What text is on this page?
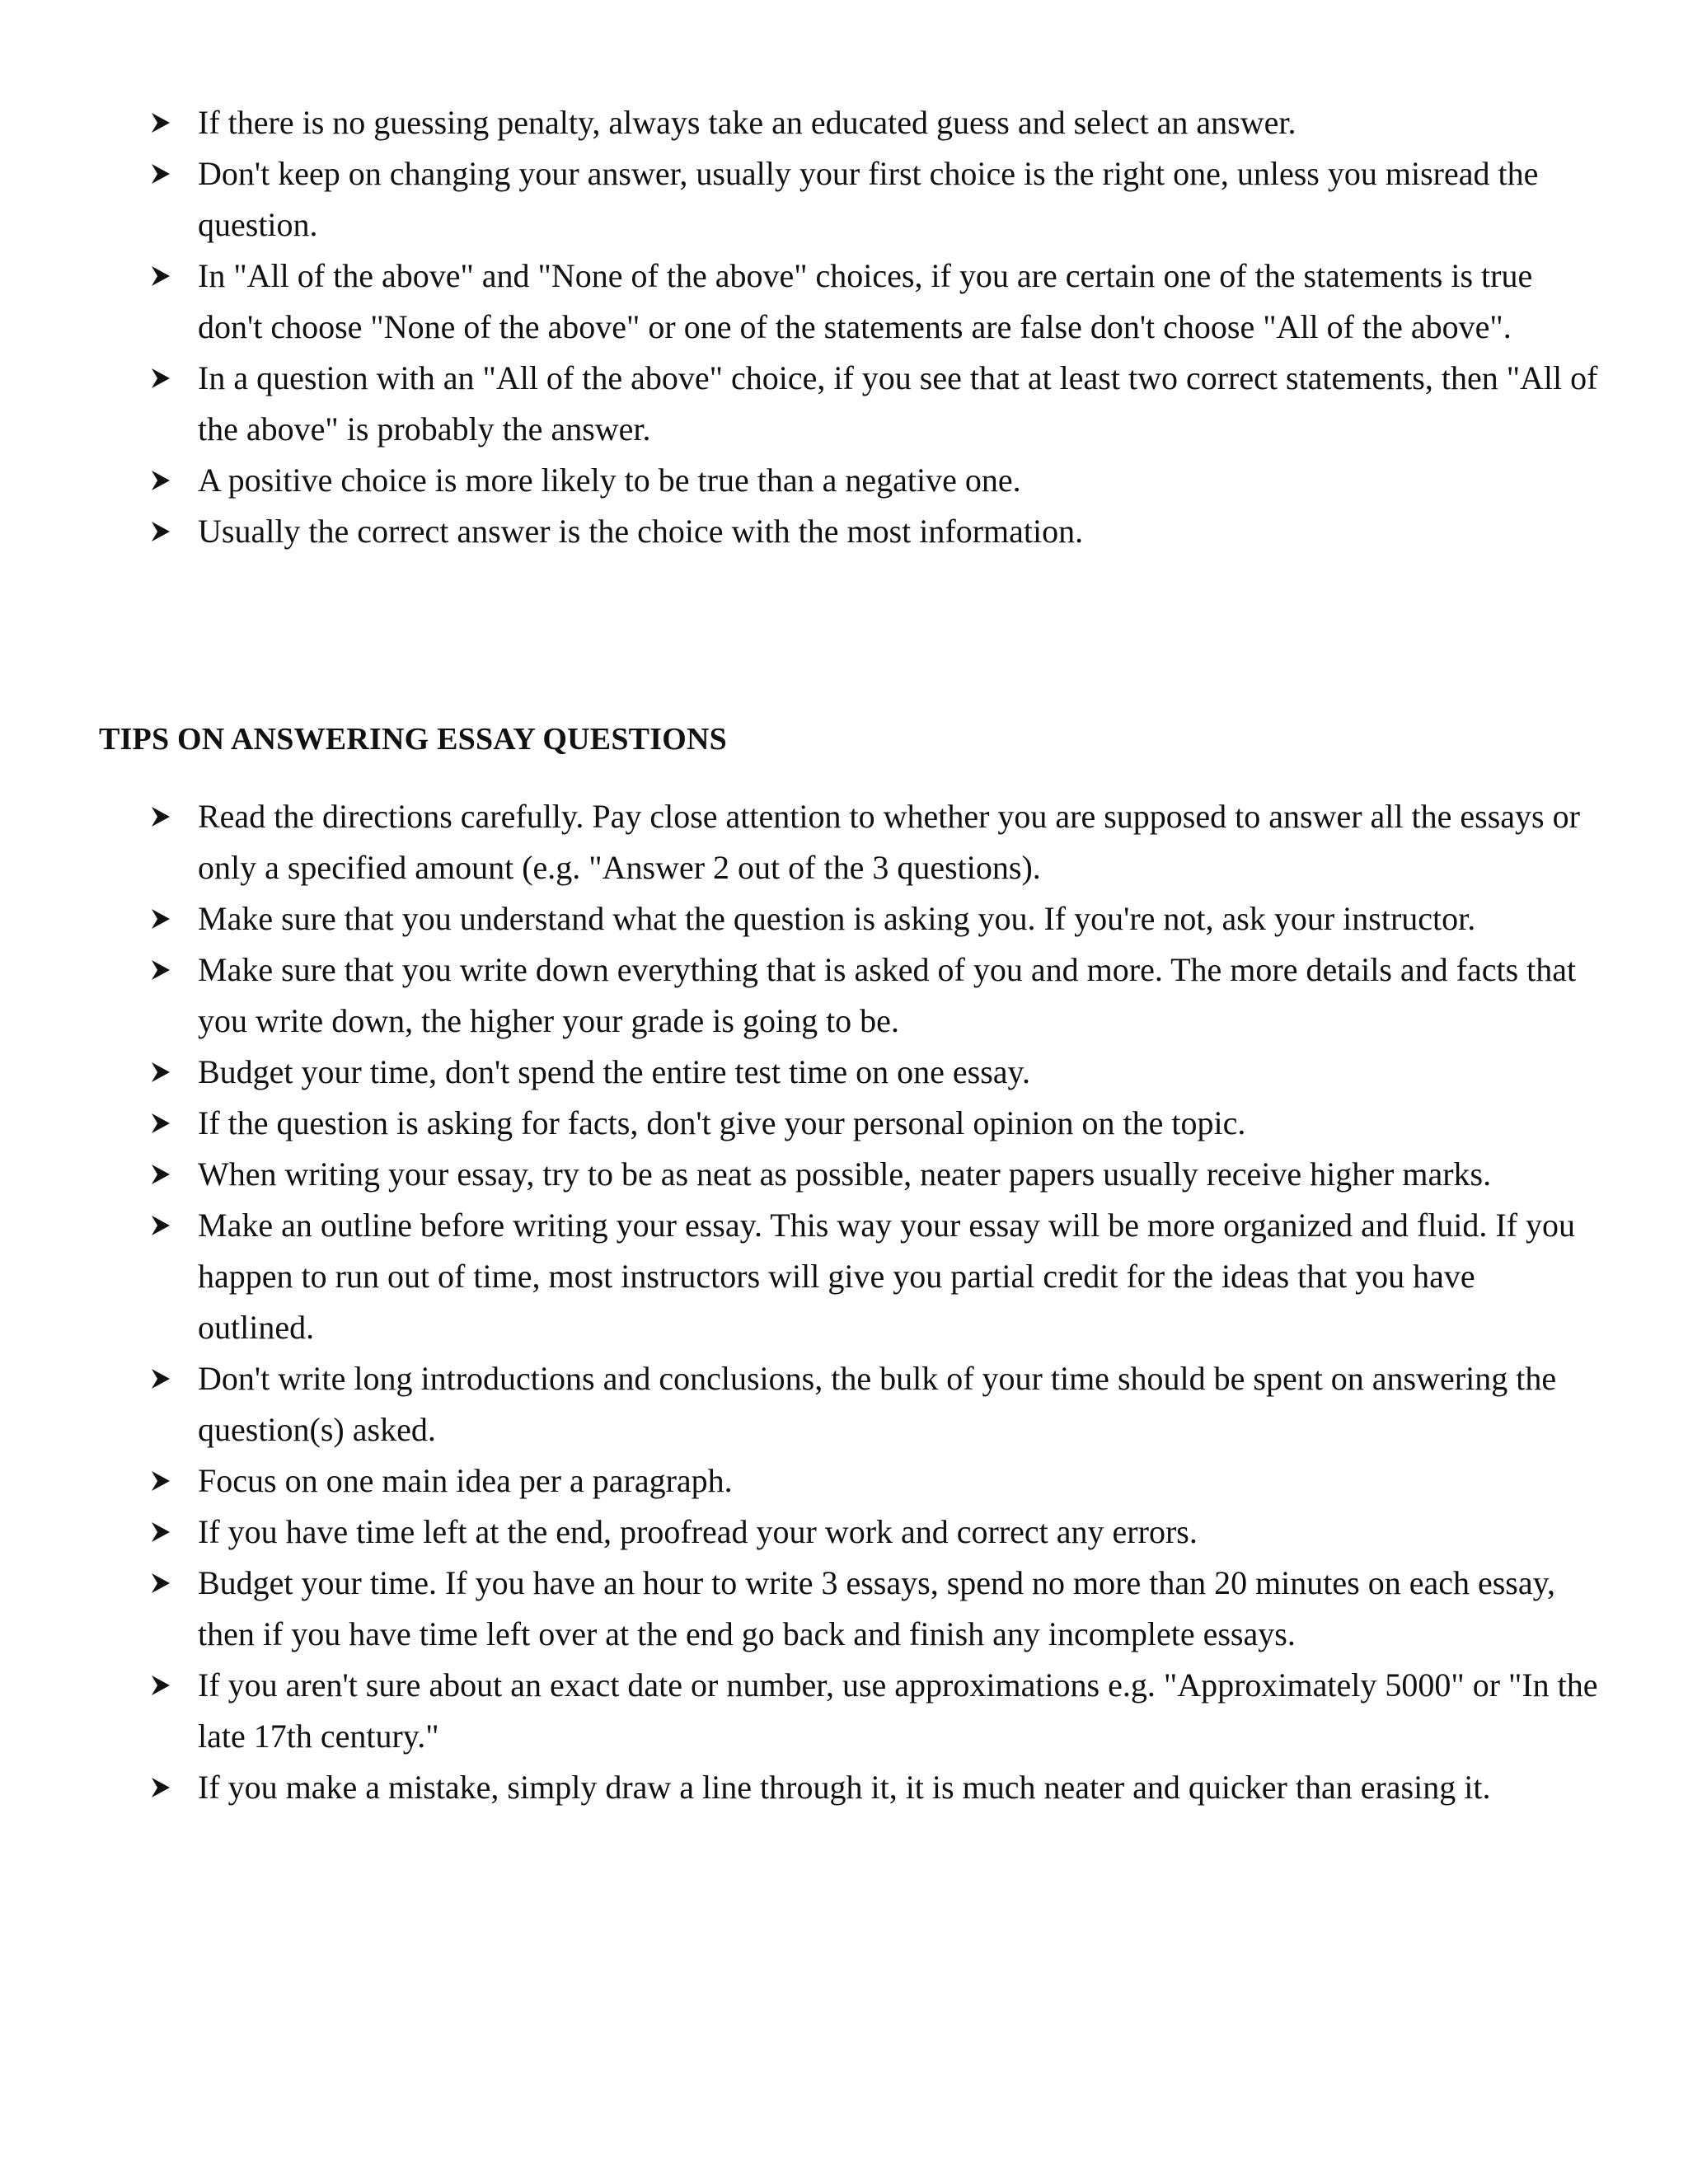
If there is no guessing penalty, always take an educated guess and select an answer.
Don't keep on changing your answer, usually your first choice is the right one, unless you misread the question.
In "All of the above" and "None of the above" choices, if you are certain one of the statements is true don't choose "None of the above" or one of the statements are false don't choose "All of the above".
In a question with an "All of the above" choice, if you see that at least two correct statements, then "All of the above" is probably the answer.
A positive choice is more likely to be true than a negative one.
Usually the correct answer is the choice with the most information.
TIPS ON ANSWERING ESSAY QUESTIONS
Read the directions carefully. Pay close attention to whether you are supposed to answer all the essays or only a specified amount (e.g. "Answer 2 out of the 3 questions).
Make sure that you understand what the question is asking you. If you're not, ask your instructor.
Make sure that you write down everything that is asked of you and more. The more details and facts that you write down, the higher your grade is going to be.
Budget your time, don't spend the entire test time on one essay.
If the question is asking for facts, don't give your personal opinion on the topic.
When writing your essay, try to be as neat as possible, neater papers usually receive higher marks.
Make an outline before writing your essay. This way your essay will be more organized and fluid. If you happen to run out of time, most instructors will give you partial credit for the ideas that you have outlined.
Don't write long introductions and conclusions, the bulk of your time should be spent on answering the question(s) asked.
Focus on one main idea per a paragraph.
If you have time left at the end, proofread your work and correct any errors.
Budget your time. If you have an hour to write 3 essays, spend no more than 20 minutes on each essay, then if you have time left over at the end go back and finish any incomplete essays.
If you aren't sure about an exact date or number, use approximations e.g. "Approximately 5000" or "In the late 17th century."
If you make a mistake, simply draw a line through it, it is much neater and quicker than erasing it.
